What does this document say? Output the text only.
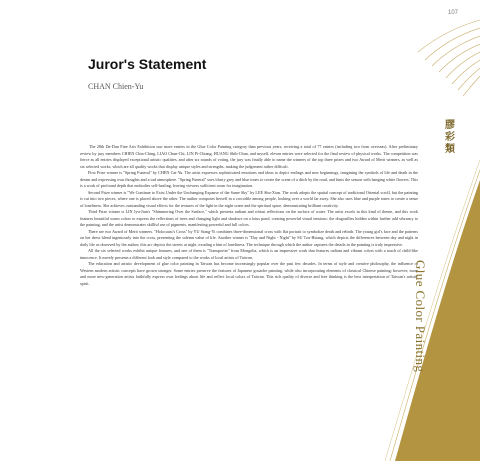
107
Juror's Statement
CHAN Chien-Yu

The 28th Da-Dun Fine Arts Exhibition saw more entries in the Glue Color Painting category than previous years, receiving a total of 77 entries (including two from overseas). After preliminary review by jury members CHIEN Chin-Ching, LIAO Chun-Chi, LIN Pi-Chiang, HUANG Shih-Chun, and myself, eleven entries were selected for the final review of physical works. The competition was fierce as all entries displayed exceptional artistic qualities, and after six rounds of voting, the jury was finally able to name the winners of the top three prizes and two Award of Merit winners, as well as six selected works, which are all quality works that display unique styles and strengths, making the judgement rather difficult.

First Prize winner is "Spring Funeral" by CHEN Cai-Yu. The artist expresses sophisticated emotions and ideas to depict endings and new beginnings, imagining the symbols of life and death in the dream and expressing own thoughts and a sad atmosphere. "Spring Funeral" uses blurry grey and blue tones to create the scene of a ditch by the road, and hints the season with hanging white flowers. This is a work of profound depth that embodies self-healing, leaving viewers sufficient room for imagination.

Second Prize winner is "We Continue to Exist Under the Unchanging Expanse of the Same Sky" by LEE Shu-Xian. The work adopts the spatial concept of traditional Oriental scroll, but the painting is cut into two pieces, where one is placed above the other. The author composes herself in a crocodile among people, looking over a world far away. She also uses blue and purple tones to create a sense of loneliness. She achieves outstanding visual effects for the textures of the light in the night scene and the spiritual space, demonstrating brilliant creativity.

Third Prize winner is LIN Jyu-Jiun's "Shimmering Over the Surface," which presents radiant and robust reflections on the surface of water. The artist excels in this kind of theme, and this work features beautiful warm colors to express the reflections of trees and changing light and shadows on a lotus pond, creating powerful visual tensions: the dragonflies hidden within further add vibrancy to the painting, and the artist demonstrates skillful use of pigments, manifesting powerful and full colors.

There are two Award of Merit winners. "Holocaust's Cross" by YU Siang-Yi combines three-dimensional cross with flat portrait to symbolize death and rebirth. The young girl's face and the patterns on her dress blend ingeniously into the cross, presenting the solemn value of life. Another winner is "Day and Night - Night" by SU Tzu-Hsiang, which depicts the differences between day and night in daily life as observed by the author; this arc depicts the streets at night, exuding a hint of loneliness. The technique through which the author captures the details in the painting is truly impressive.

All the six selected works exhibit unique features, and one of them is "Transporter" from Mongolia, which is an impressive work that features radiant and vibrant colors with a touch of child-like innocence. It merely presents a different look and style compared to the works of local artists of Taiwan.

The education and artistic development of glue color painting in Taiwan has become increasingly popular over the past few decades. In terms of style and creative philosophy, the influence of Western modern artistic concepts have grown stronger. Some entries preserve the features of Japanese gouache painting, while also incorporating elements of classical Chinese painting; however, more and more new-generation artists faithfully express own feelings about life and reflect local colors of Taiwan. This rich quality of diverse and free thinking is the best interpretation of Taiwan's artistic spirit.

膠
彩
類
Glue Color Painting
